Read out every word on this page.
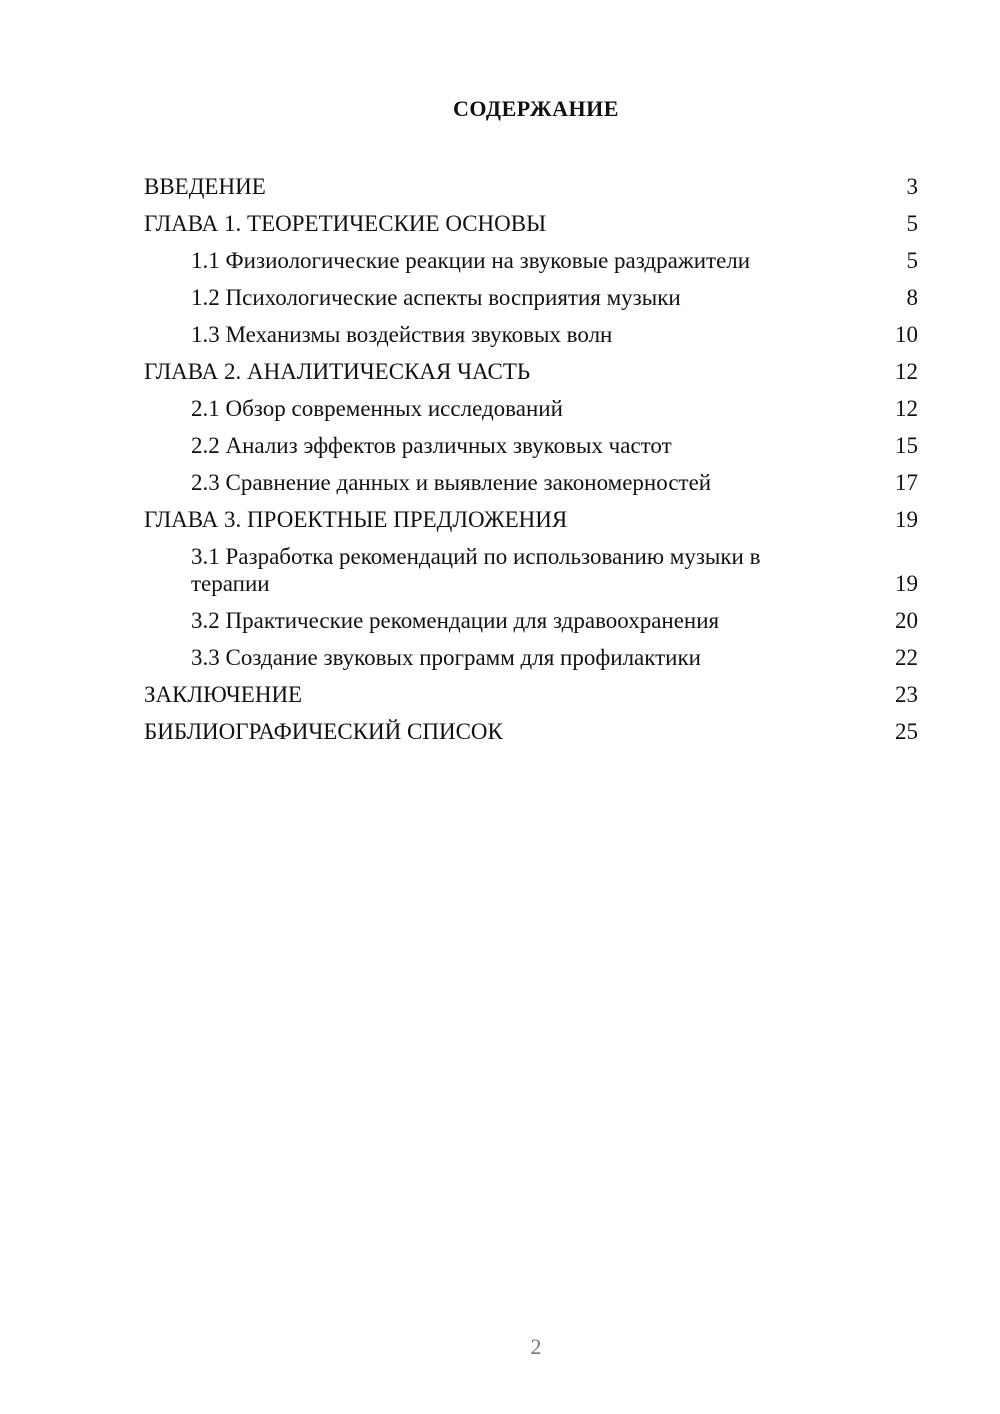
СОДЕРЖАНИЕ
ВВЕДЕНИЕ	3
ГЛАВА 1. ТЕОРЕТИЧЕСКИЕ ОСНОВЫ	5
1.1 Физиологические реакции на звуковые раздражители	5
1.2 Психологические аспекты восприятия музыки	8
1.3 Механизмы воздействия звуковых волн	10
ГЛАВА 2. АНАЛИТИЧЕСКАЯ ЧАСТЬ	12
2.1 Обзор современных исследований	12
2.2 Анализ эффектов различных звуковых частот	15
2.3 Сравнение данных и выявление закономерностей	17
ГЛАВА 3. ПРОЕКТНЫЕ ПРЕДЛОЖЕНИЯ	19
3.1 Разработка рекомендаций по использованию музыки в терапии	19
3.2 Практические рекомендации для здравоохранения	20
3.3 Создание звуковых программ для профилактики	22
ЗАКЛЮЧЕНИЕ	23
БИБЛИОГРАФИЧЕСКИЙ СПИСОК	25
2
